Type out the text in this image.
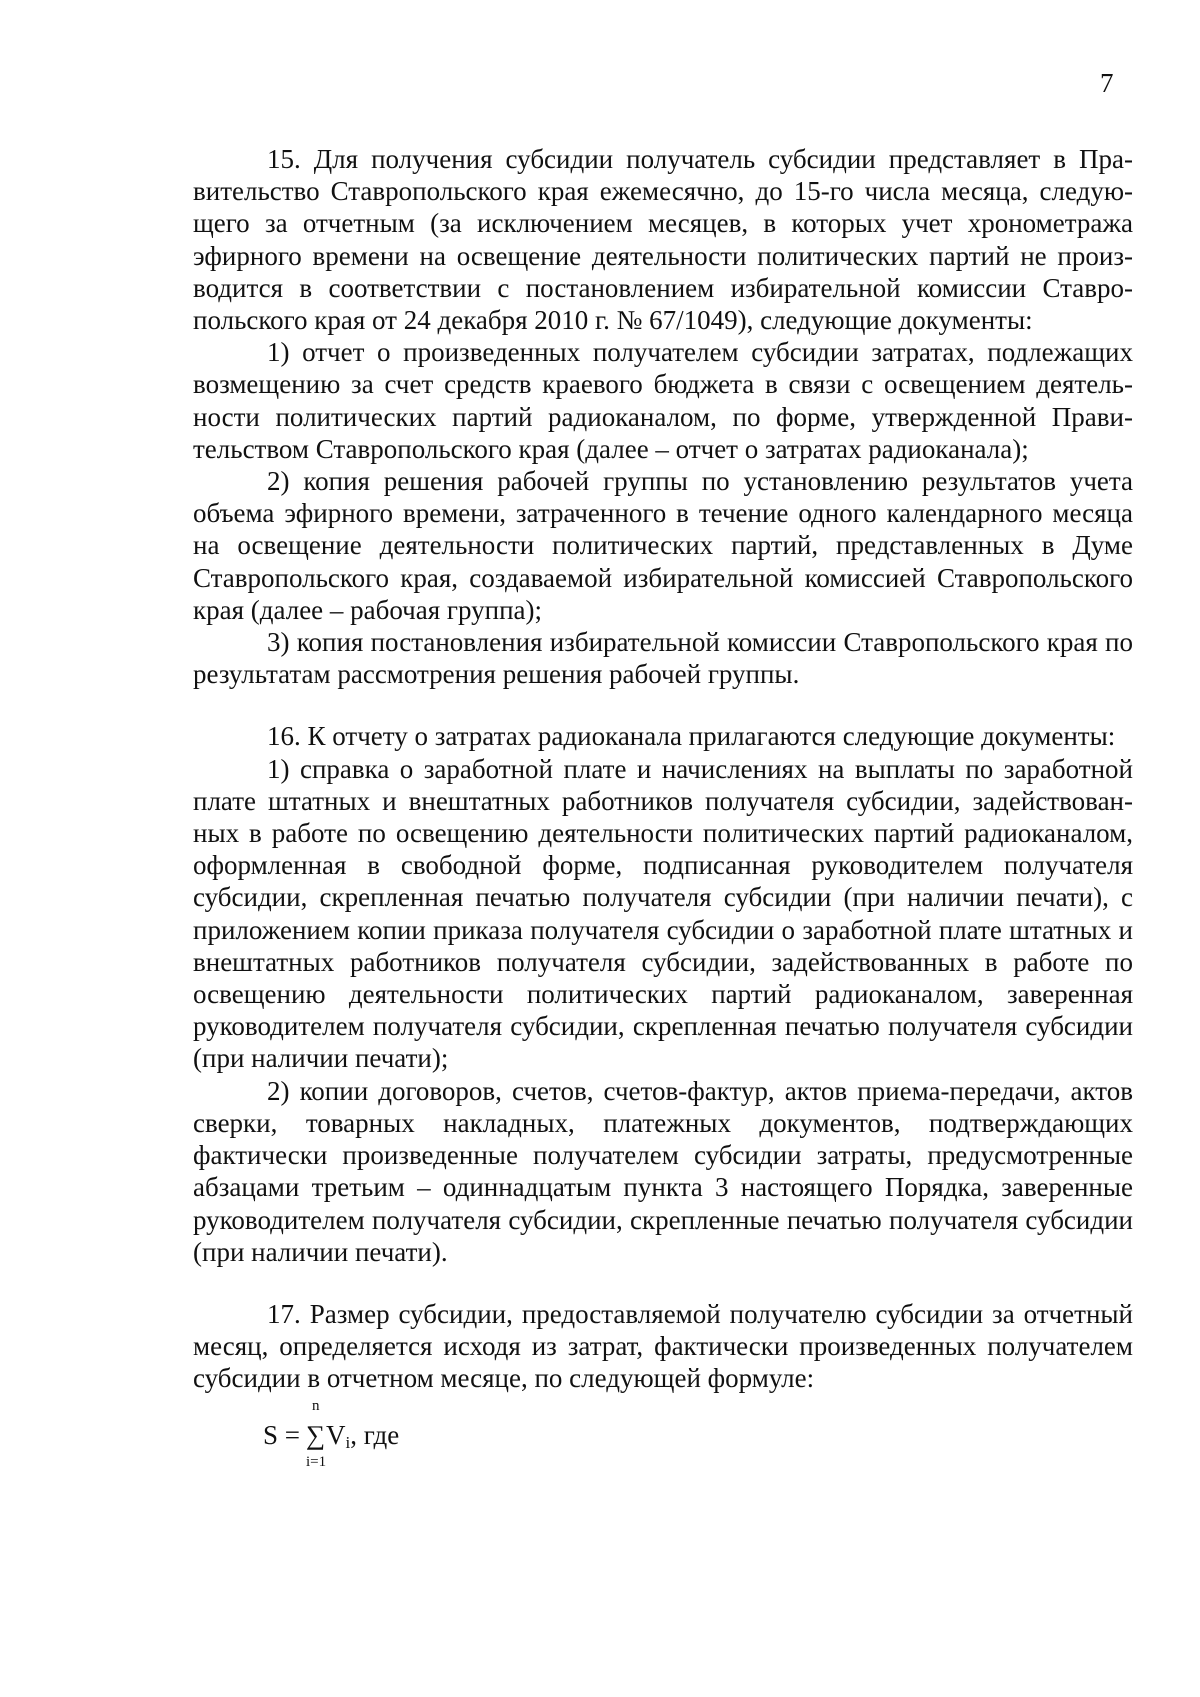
7

15. Для получения субсидии получатель субсидии представляет в Правительство Ставропольского края ежемесячно, до 15-го числа месяца, следующего за отчетным (за исключением месяцев, в которых учет хронометража эфирного времени на освещение деятельности политических партий не производится в соответствии с постановлением избирательной комиссии Ставропольского края от 24 декабря 2010 г. № 67/1049), следующие документы:

1) отчет о произведенных получателем субсидии затратах, подлежащих возмещению за счет средств краевого бюджета в связи с освещением деятельности политических партий радиоканалом, по форме, утвержденной Правительством Ставропольского края (далее – отчет о затратах радиоканала);

2) копия решения рабочей группы по установлению результатов учета объема эфирного времени, затраченного в течение одного календарного месяца на освещение деятельности политических партий, представленных в Думе Ставропольского края, создаваемой избирательной комиссией Ставропольского края (далее – рабочая группа);

3) копия постановления избирательной комиссии Ставропольского края по результатам рассмотрения решения рабочей группы.

16. К отчету о затратах радиоканала прилагаются следующие документы:

1) справка о заработной плате и начислениях на выплаты по заработной плате штатных и внештатных работников получателя субсидии, задействованных в работе по освещению деятельности политических партий радиоканалом, оформленная в свободной форме, подписанная руководителем получателя субсидии, скрепленная печатью получателя субсидии (при наличии печати), с приложением копии приказа получателя субсидии о заработной плате штатных и внештатных работников получателя субсидии, задействованных в работе по освещению деятельности политических партий радиоканалом, заверенная руководителем получателя субсидии, скрепленная печатью получателя субсидии (при наличии печати);

2) копии договоров, счетов, счетов-фактур, актов приема-передачи, актов сверки, товарных накладных, платежных документов, подтверждающих фактически произведенные получателем субсидии затраты, предусмотренные абзацами третьим – одиннадцатым пункта 3 настоящего Порядка, заверенные руководителем получателя субсидии, скрепленные печатью получателя субсидии (при наличии печати).

17. Размер субсидии, предоставляемой получателю субсидии за отчетный месяц, определяется исходя из затрат, фактически произведенных получателем субсидии в отчетном месяце, по следующей формуле:

S =
n
∑
i=1
$V_i$, где
